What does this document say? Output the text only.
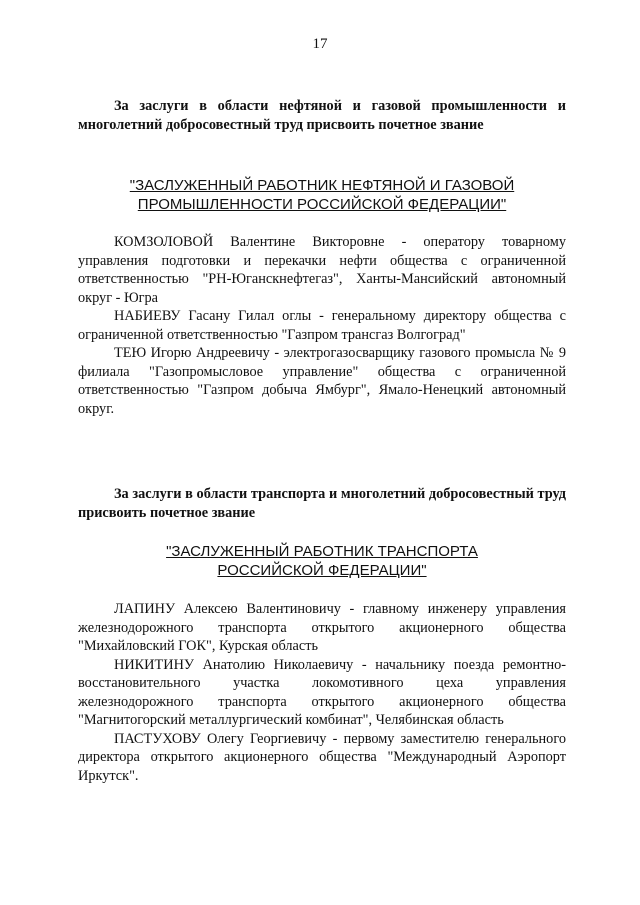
17

За заслуги в области нефтяной и газовой промышленности и многолетний добросовестный труд присвоить почетное звание

"ЗАСЛУЖЕННЫЙ РАБОТНИК НЕФТЯНОЙ И ГАЗОВОЙ

ПРОМЫШЛЕННОСТИ РОССИЙСКОЙ ФЕДЕРАЦИИ"

КОМЗОЛОВОЙ Валентине Викторовне - оператору товарному управления подготовки и перекачки нефти общества с ограниченной ответственностью "РН-Юганскнефтегаз", Ханты-Мансийский автономный округ - Югра

НАБИЕВУ Гасану Гилал оглы - генеральному директору общества с ограниченной ответственностью "Газпром трансгаз Волгоград"

ТЕЮ Игорю Андреевичу - электрогазосварщику газового промысла № 9 филиала "Газопромысловое управление" общества с ограниченной ответственностью "Газпром добыча Ямбург", Ямало-Ненецкий автономный округ.

За заслуги в области транспорта и многолетний добросовестный труд присвоить почетное звание

"ЗАСЛУЖЕННЫЙ РАБОТНИК ТРАНСПОРТА

РОССИЙСКОЙ ФЕДЕРАЦИИ"

ЛАПИНУ Алексею Валентиновичу - главному инженеру управления железнодорожного транспорта открытого акционерного общества "Михайловский ГОК", Курская область

НИКИТИНУ Анатолию Николаевичу - начальнику поезда ремонтно-восстановительного участка локомотивного цеха управления железнодорожного транспорта открытого акционерного общества "Магнитогорский металлургический комбинат", Челябинская область

ПАСТУХОВУ Олегу Георгиевичу - первому заместителю генерального директора открытого акционерного общества "Международный Аэропорт Иркутск".
